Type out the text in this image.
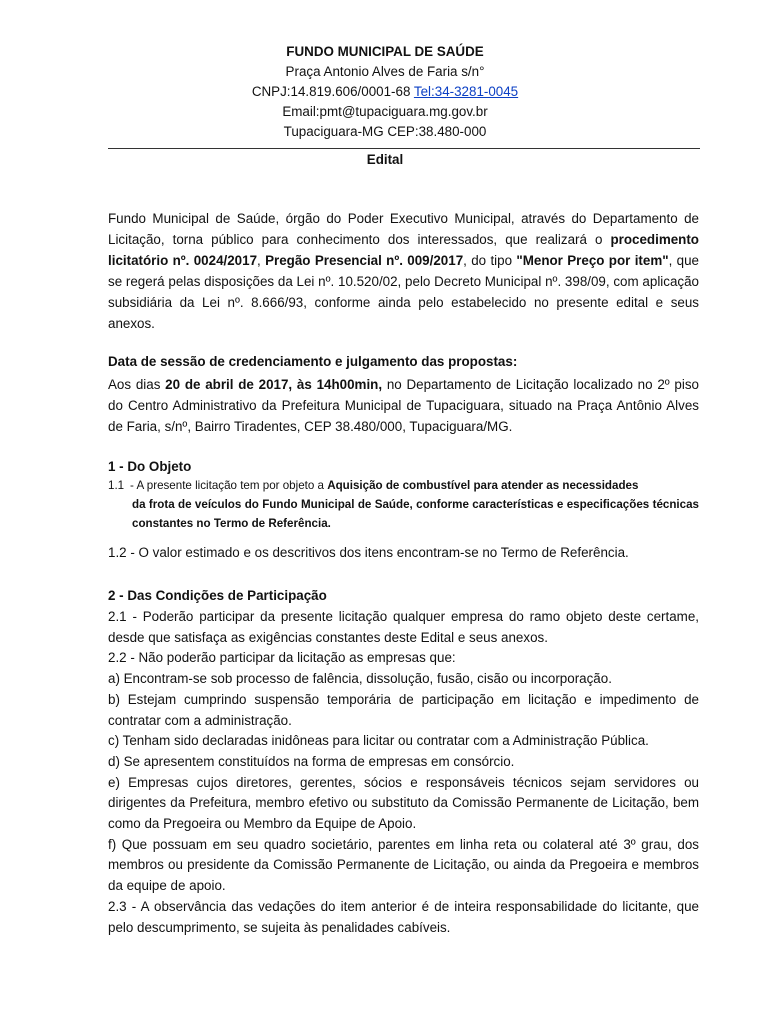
FUNDO MUNICIPAL DE SAÚDE
Praça Antonio Alves de Faria s/n°
CNPJ:14.819.606/0001-68 Tel:34-3281-0045
Email:pmt@tupaciguara.mg.gov.br
Tupaciguara-MG CEP:38.480-000
Edital
Fundo Municipal de Saúde, órgão do Poder Executivo Municipal, através do Departamento de Licitação, torna público para conhecimento dos interessados, que realizará o procedimento licitatório nº. 0024/2017, Pregão Presencial nº. 009/2017, do tipo "Menor Preço por item", que se regerá pelas disposições da Lei nº. 10.520/02, pelo Decreto Municipal nº. 398/09, com aplicação subsidiária da Lei nº. 8.666/93, conforme ainda pelo estabelecido no presente edital e seus anexos.
Data de sessão de credenciamento e julgamento das propostas:
Aos dias 20 de abril de 2017, às 14h00min, no Departamento de Licitação localizado no 2º piso do Centro Administrativo da Prefeitura Municipal de Tupaciguara, situado na Praça Antônio Alves de Faria, s/nº, Bairro Tiradentes, CEP 38.480/000, Tupaciguara/MG.
1 - Do Objeto
1.1 - A presente licitação tem por objeto a Aquisição de combustível para atender as necessidades
da frota de veículos do Fundo Municipal de Saúde, conforme características e especificações técnicas constantes no Termo de Referência.
1.2 - O valor estimado e os descritivos dos itens encontram-se no Termo de Referência.
2 - Das Condições de Participação

2.1 - Poderão participar da presente licitação qualquer empresa do ramo objeto deste certame, desde que satisfaça as exigências constantes deste Edital e seus anexos.

2.2 - Não poderão participar da licitação as empresas que:

a) Encontram-se sob processo de falência, dissolução, fusão, cisão ou incorporação.

b) Estejam cumprindo suspensão temporária de participação em licitação e impedimento de contratar com a administração.

c) Tenham sido declaradas inidôneas para licitar ou contratar com a Administração Pública.

d) Se apresentem constituídos na forma de empresas em consórcio.

e) Empresas cujos diretores, gerentes, sócios e responsáveis técnicos sejam servidores ou dirigentes da Prefeitura, membro efetivo ou substituto da Comissão Permanente de Licitação, bem como da Pregoeira ou Membro da Equipe de Apoio.

f) Que possuam em seu quadro societário, parentes em linha reta ou colateral até 3º grau, dos membros ou presidente da Comissão Permanente de Licitação, ou ainda da Pregoeira e membros da equipe de apoio.

2.3 - A observância das vedações do item anterior é de inteira responsabilidade do licitante, que pelo descumprimento, se sujeita às penalidades cabíveis.
